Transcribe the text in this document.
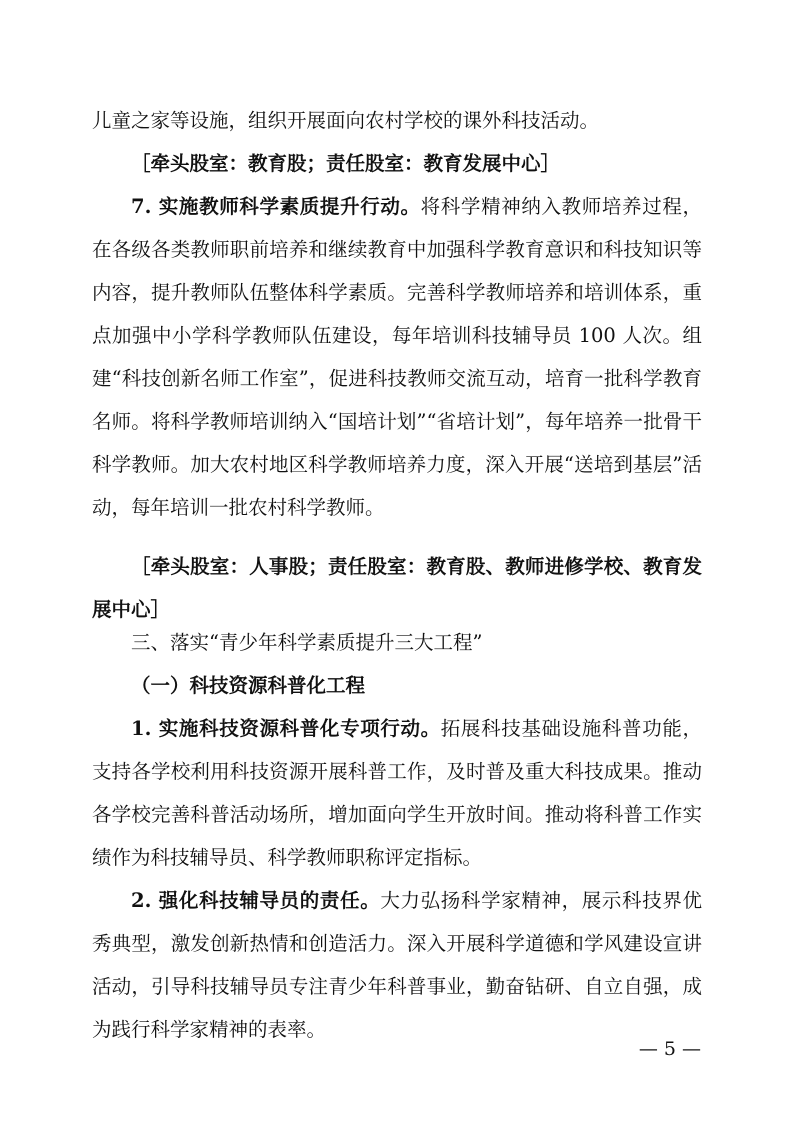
儿童之家等设施，组织开展面向农村学校的课外科技活动。

［牵头股室：教育股；责任股室：教育发展中心］

7. 实施教师科学素质提升行动。将科学精神纳入教师培养过程，在各级各类教师职前培养和继续教育中加强科学教育意识和科技知识等内容，提升教师队伍整体科学素质。完善科学教师培养和培训体系，重点加强中小学科学教师队伍建设，每年培训科技辅导员 100 人次。组建“科技创新名师工作室”，促进科技教师交流互动，培育一批科学教育名师。将科学教师培训纳入“国培计划”“省培计划”，每年培养一批骨干科学教师。加大农村地区科学教师培养力度，深入开展“送培到基层”活动，每年培训一批农村科学教师。

［牵头股室：人事股；责任股室：教育股、教师进修学校、教育发展中心］

三、落实“青少年科学素质提升三大工程”

（一）科技资源科普化工程

1. 实施科技资源科普化专项行动。拓展科技基础设施科普功能，支持各学校利用科技资源开展科普工作，及时普及重大科技成果。推动各学校完善科普活动场所，增加面向学生开放时间。推动将科普工作实绩作为科技辅导员、科学教师职称评定指标。

2. 强化科技辅导员的责任。大力弘扬科学家精神，展示科技界优秀典型，激发创新热情和创造活力。深入开展科学道德和学风建设宣讲活动，引导科技辅导员专注青少年科普事业，勤奋钻研、自立自强，成为践行科学家精神的表率。

— 5 —
